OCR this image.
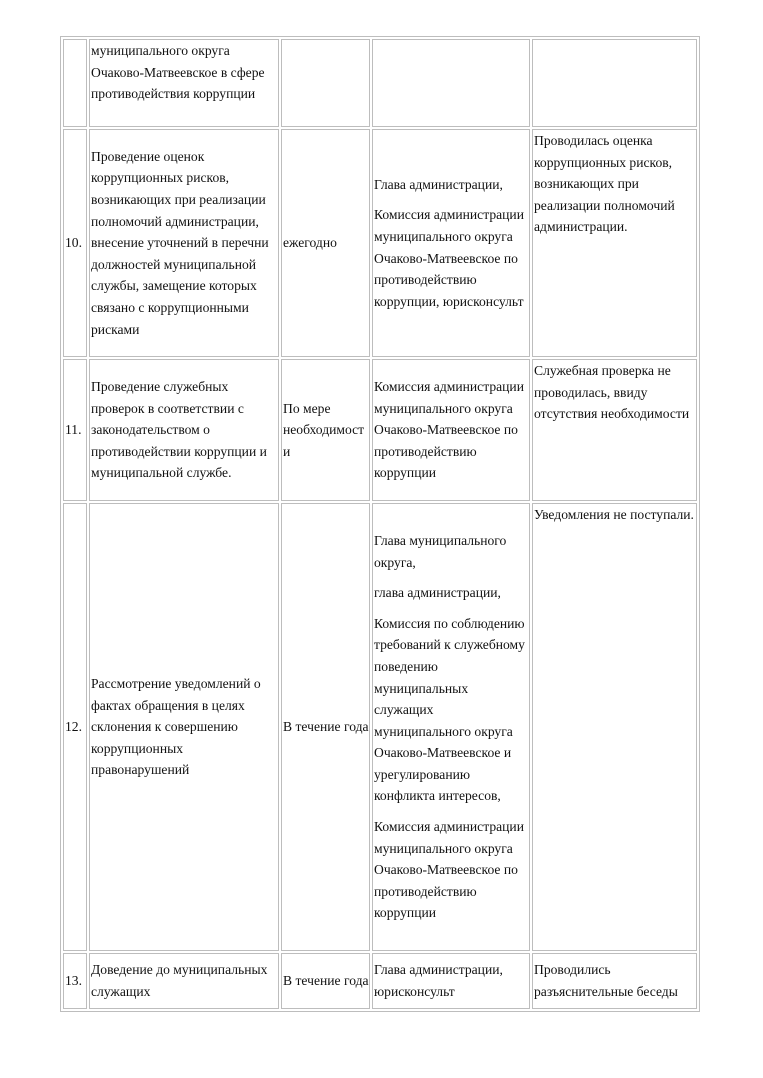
	муниципального округа Очаково-Матвеевское в сфере противодействия коррупции			
10.	Проведение оценок коррупционных рисков, возникающих при реализации полномочий администрации, внесение уточнений в перечни должностей муниципальной службы, замещение которых связано с коррупционными рисками	ежегодно	Глава администрации,
Комиссия администрации муниципального округа Очаково-Матвеевское по противодействию коррупции, юрисконсульт	Проводилась оценка коррупционных рисков, возникающих при реализации полномочий администрации.
11.	Проведение служебных проверок в соответствии с законодательством о противодействии коррупции и муниципальной службе.	По мере необходимости	Комиссия администрации муниципального округа Очаково-Матвеевское по противодействию коррупции	Служебная проверка не проводилась, ввиду отсутствия необходимости
12.	Рассмотрение уведомлений о фактах обращения в целях склонения к совершению коррупционных правонарушений	В течение года	Глава муниципального округа,
глава администрации,
Комиссия по соблюдению требований к служебному поведению муниципальных служащих муниципального округа Очаково-Матвеевское и урегулированию конфликта интересов,
Комиссия администрации муниципального округа Очаково-Матвеевское по противодействию коррупции	Уведомления не поступали.
13.	Доведение до муниципальных служащих	В течение года	Глава администрации, юрисконсульт	Проводились разъяснительные беседы
